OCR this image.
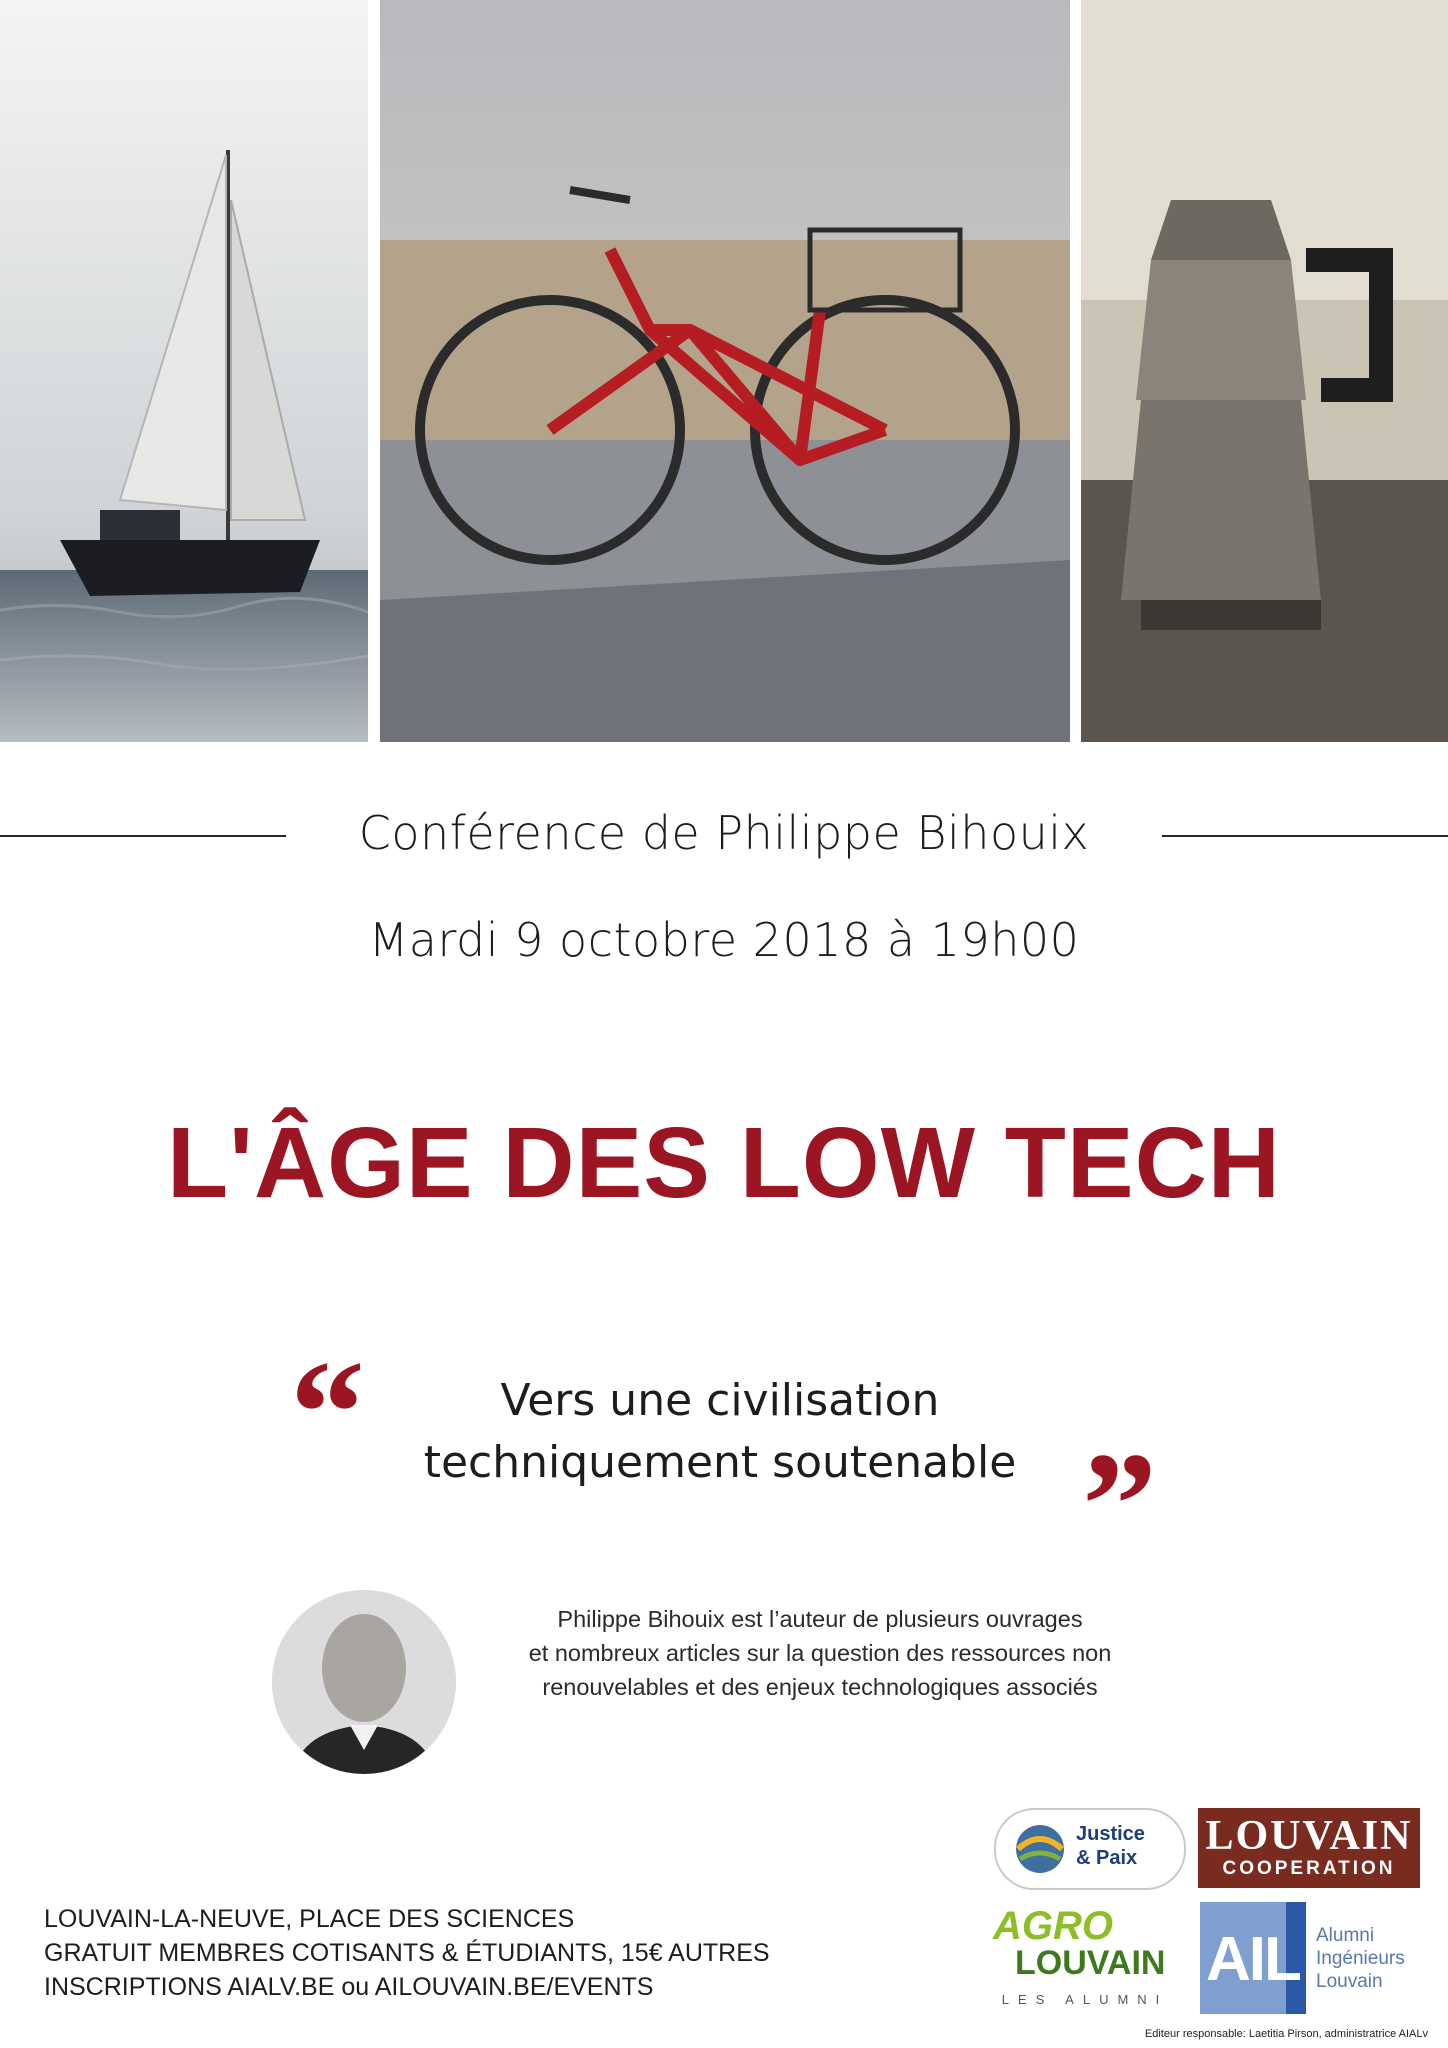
Conférence de Philippe Bihouix
Mardi 9 octobre 2018 à 19h00
L'ÂGE DES LOW TECH
“	Vers une civilisation
techniquement soutenable ”
Philippe Bihouix est l’auteur de plusieurs ouvrages
et nombreux articles sur la question des ressources non
renouvelables et des enjeux technologiques associés
LOUVAIN-LA-NEUVE, PLACE DES SCIENCES
GRATUIT MEMBRES COTISANTS & ÉTUDIANTS, 15€ AUTRES
INSCRIPTIONS AIALV.BE ou AILOUVAIN.BE/EVENTS
Justice
& Paix LOUVAIN
COOPERATION
AGRO
LOUVAIN
LES ALUMNI
AIL Alumni
Ingénieurs
Louvain
Editeur responsable: Laetitia Pirson, administratrice AIALv
